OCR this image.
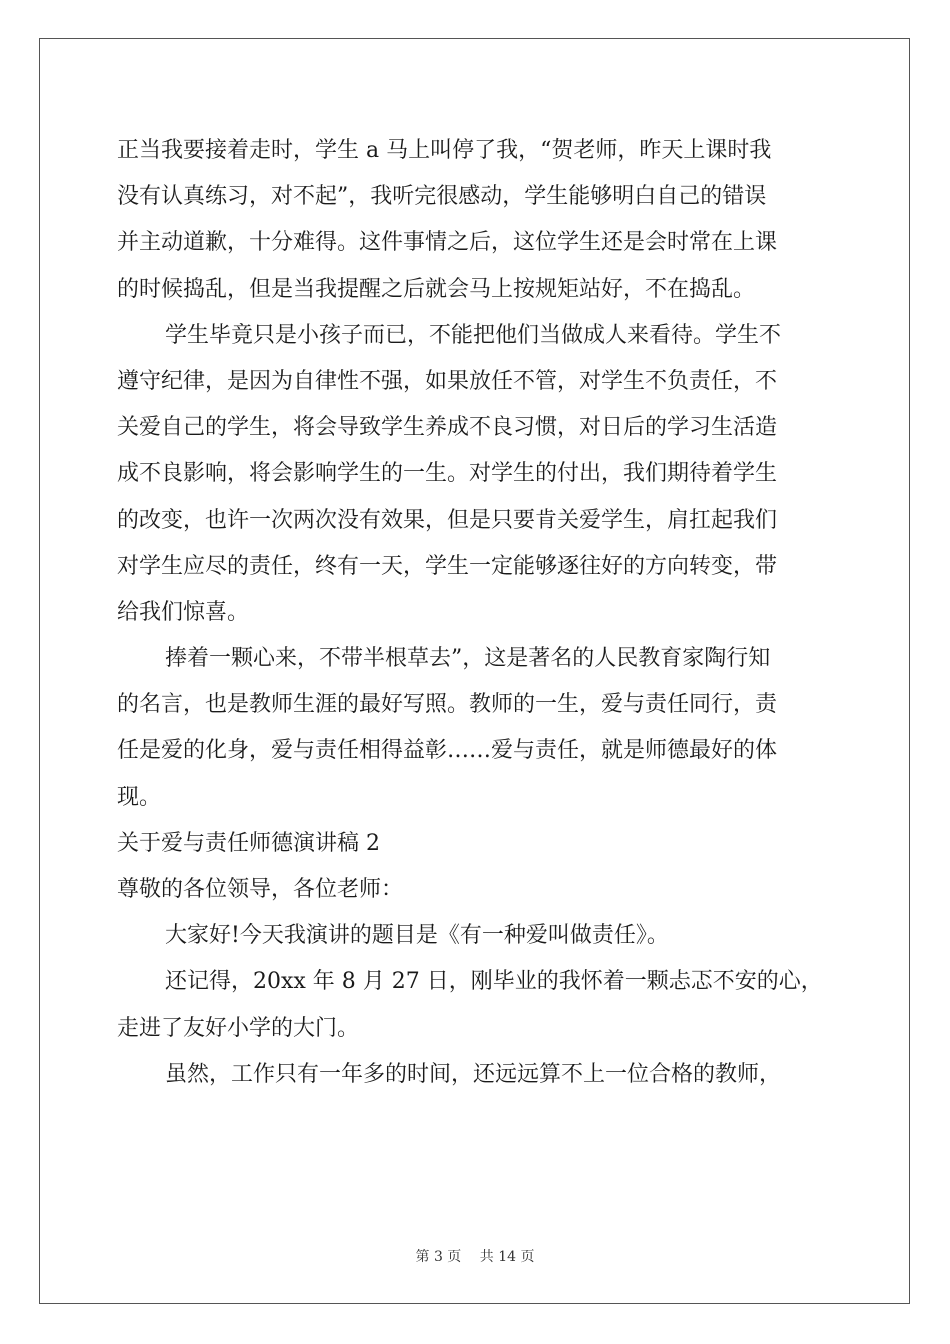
正当我要接着走时，学生 a 马上叫停了我，“贺老师，昨天上课时我
没有认真练习，对不起”，我听完很感动，学生能够明白自己的错误
并主动道歉，十分难得。这件事情之后，这位学生还是会时常在上课
的时候捣乱，但是当我提醒之后就会马上按规矩站好，不在捣乱。
学生毕竟只是小孩子而已，不能把他们当做成人来看待。学生不
遵守纪律，是因为自律性不强，如果放任不管，对学生不负责任，不
关爱自己的学生，将会导致学生养成不良习惯，对日后的学习生活造
成不良影响，将会影响学生的一生。对学生的付出，我们期待着学生
的改变，也许一次两次没有效果，但是只要肯关爱学生，肩扛起我们
对学生应尽的责任，终有一天，学生一定能够逐往好的方向转变，带
给我们惊喜。
捧着一颗心来，不带半根草去”，这是著名的人民教育家陶行知
的名言，也是教师生涯的最好写照。教师的一生，爱与责任同行，责
任是爱的化身，爱与责任相得益彰……爱与责任，就是师德最好的体
现。
关于爱与责任师德演讲稿 2
尊敬的各位领导，各位老师：
大家好!今天我演讲的题目是《有一种爱叫做责任》。
还记得，20xx 年 8 月 27 日，刚毕业的我怀着一颗忐忑不安的心，
走进了友好小学的大门。
虽然，工作只有一年多的时间，还远远算不上一位合格的教师，
第 3 页　 共 14 页
